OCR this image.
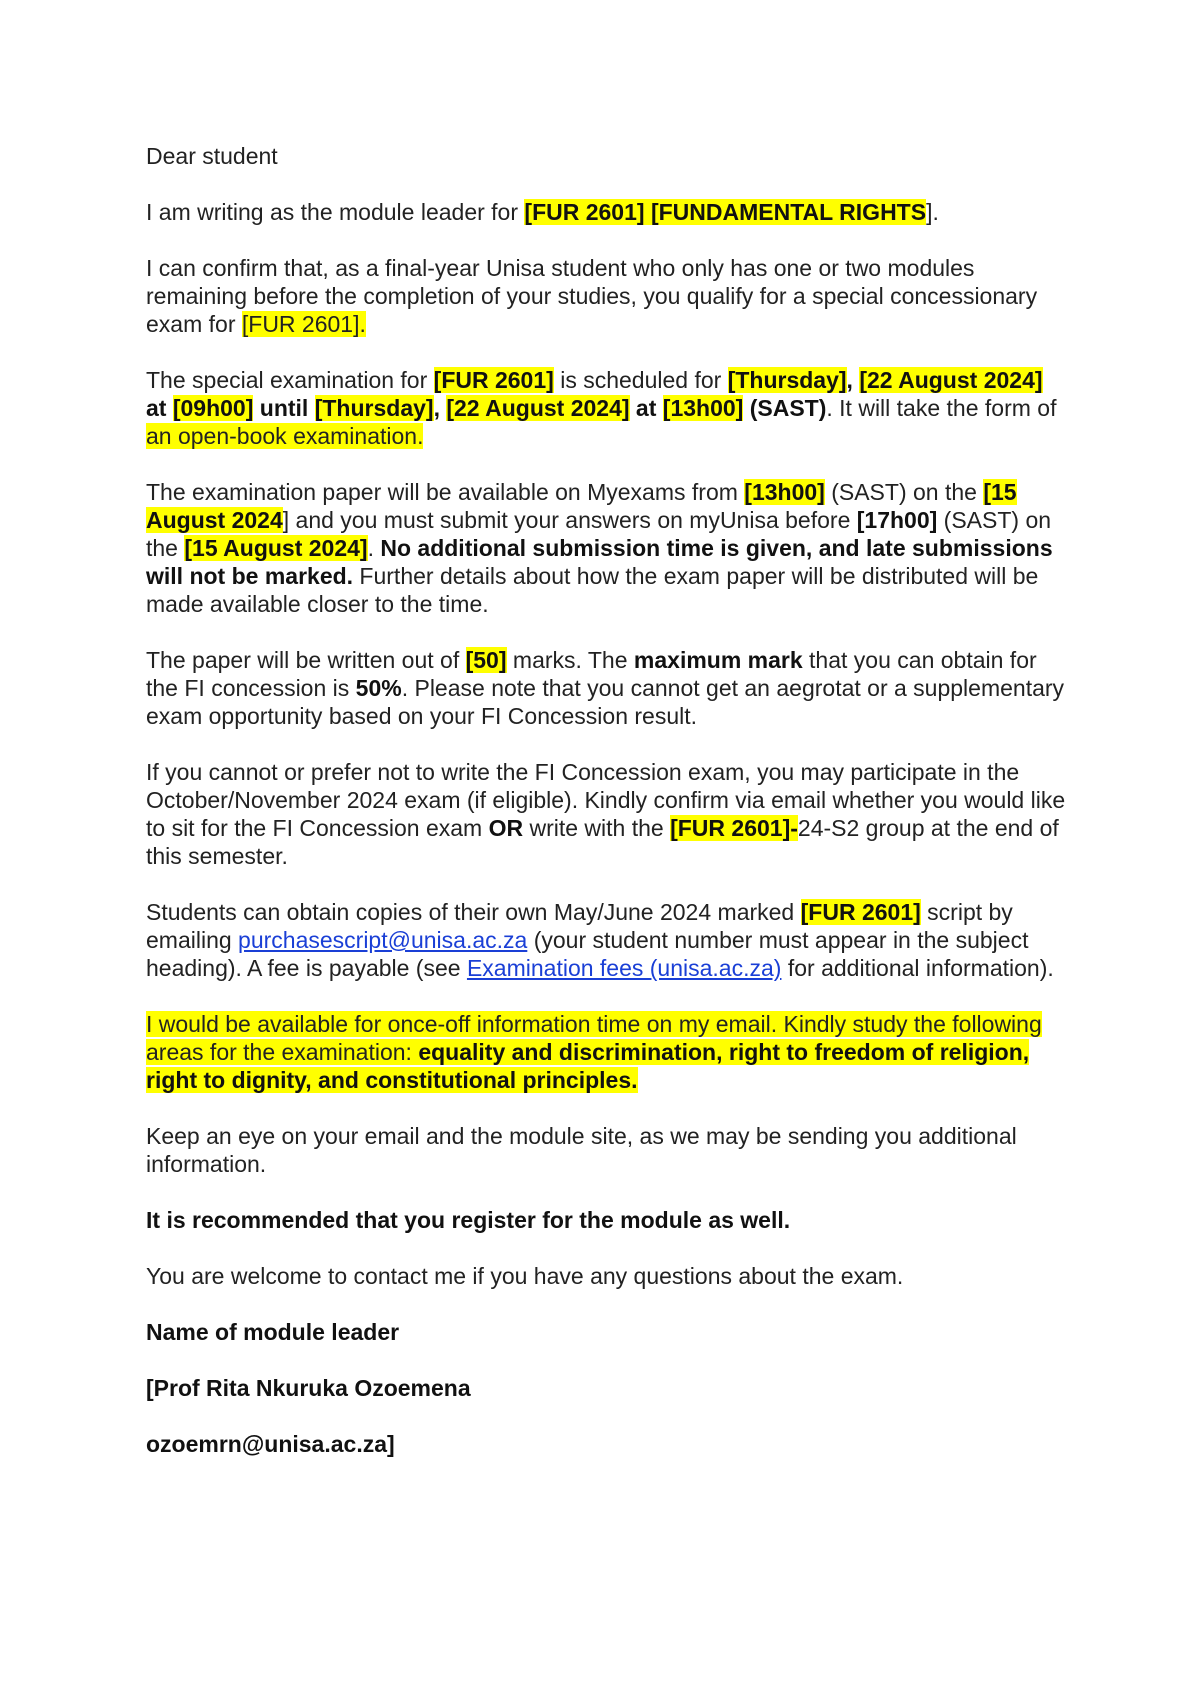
Dear student

I am writing as the module leader for [FUR 2601] [FUNDAMENTAL RIGHTS].

I can confirm that, as a final-year Unisa student who only has one or two modules remaining before the completion of your studies, you qualify for a special concessionary exam for [FUR 2601].

The special examination for [FUR 2601] is scheduled for [Thursday], [22 August 2024] at [09h00] until [Thursday], [22 August 2024] at [13h00] (SAST). It will take the form of an open-book examination.

The examination paper will be available on Myexams from [13h00] (SAST) on the [15 August 2024] and you must submit your answers on myUnisa before [17h00] (SAST) on the [15 August 2024]. No additional submission time is given, and late submissions will not be marked. Further details about how the exam paper will be distributed will be made available closer to the time.

The paper will be written out of [50] marks. The maximum mark that you can obtain for the FI concession is 50%. Please note that you cannot get an aegrotat or a supplementary exam opportunity based on your FI Concession result.

If you cannot or prefer not to write the FI Concession exam, you may participate in the October/November 2024 exam (if eligible). Kindly confirm via email whether you would like to sit for the FI Concession exam OR write with the [FUR 2601]-24-S2 group at the end of this semester.

Students can obtain copies of their own May/June 2024 marked [FUR 2601] script by emailing purchasescript@unisa.ac.za (your student number must appear in the subject heading). A fee is payable (see Examination fees (unisa.ac.za) for additional information).

I would be available for once-off information time on my email. Kindly study the following areas for the examination: equality and discrimination, right to freedom of religion, right to dignity, and constitutional principles.

Keep an eye on your email and the module site, as we may be sending you additional information.

It is recommended that you register for the module as well.

You are welcome to contact me if you have any questions about the exam.

Name of module leader

[Prof Rita Nkuruka Ozoemena

ozoemrn@unisa.ac.za]
